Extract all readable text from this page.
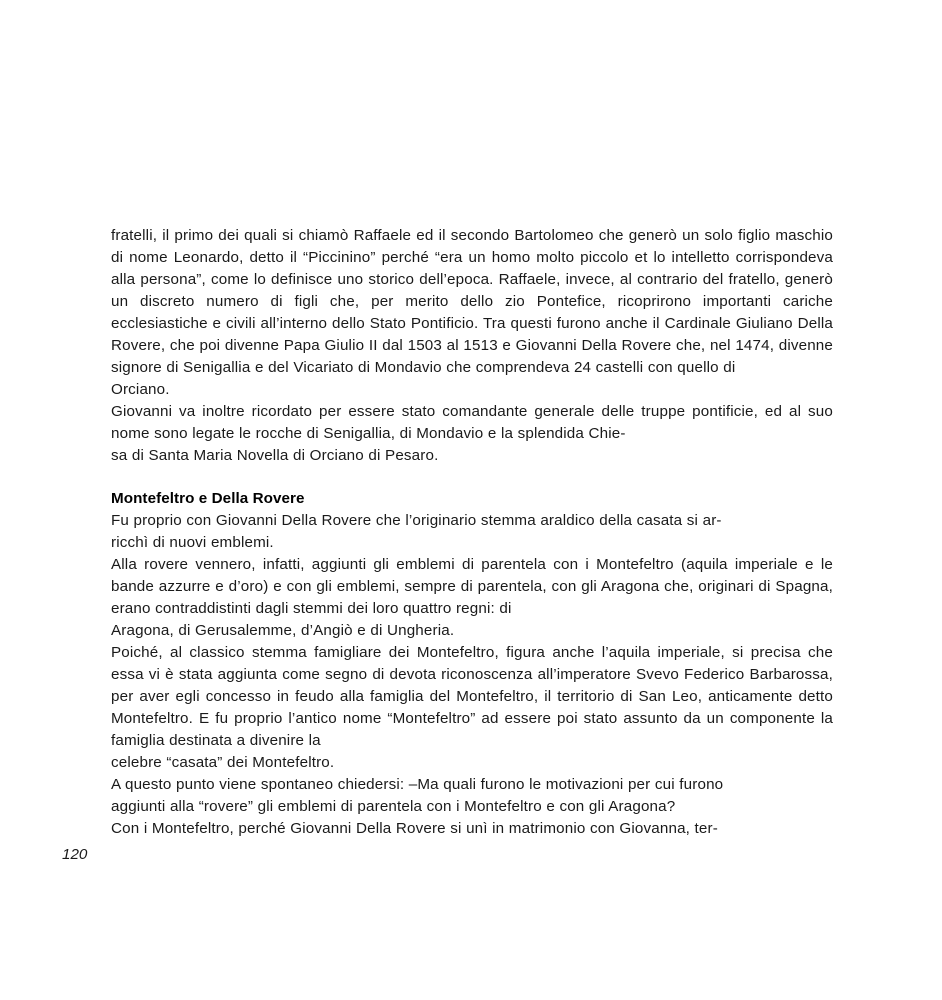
fratelli, il primo dei quali si chiamò Raffaele ed il secondo Bartolomeo che generò un solo figlio maschio di nome Leonardo, detto il “Piccinino” perché “era un homo molto piccolo et lo intelletto corrispondeva alla persona”, come lo definisce uno storico dell’epoca. Raffaele, invece, al contrario del fratello, generò un discreto numero di figli che, per merito dello zio Pontefice, ricoprirono importanti cariche ecclesiastiche e civili all’interno dello Stato Pontificio. Tra questi furono anche il Cardinale Giuliano Della Rovere, che poi divenne Papa Giulio II dal 1503 al 1513 e Giovanni Della Rovere che, nel 1474, divenne signore di Senigallia e del Vicariato di Mondavio che comprendeva 24 castelli con quello di
Orciano.

Giovanni va inoltre ricordato per essere stato comandante generale delle truppe pontificie, ed al suo nome sono legate le rocche di Senigallia, di Mondavio e la splendida Chie-
sa di Santa Maria Novella di Orciano di Pesaro.

Montefeltro e Della Rovere

Fu proprio con Giovanni Della Rovere che l’originario stemma araldico della casata si ar-
ricchì di nuovi emblemi.

Alla rovere vennero, infatti, aggiunti gli emblemi di parentela con i Montefeltro (aquila imperiale e le bande azzurre e d’oro) e con gli emblemi, sempre di parentela, con gli Aragona che, originari di Spagna, erano contraddistinti dagli stemmi dei loro quattro regni: di
Aragona, di Gerusalemme, d’Angiò e di Ungheria.

Poiché, al classico stemma famigliare dei Montefeltro, figura anche l’aquila imperiale, si precisa che essa vi è stata aggiunta come segno di devota riconoscenza all’imperatore Svevo Federico Barbarossa, per aver egli concesso in feudo alla famiglia del Montefeltro, il territorio di San Leo, anticamente detto Montefeltro. E fu proprio l’antico nome “Montefeltro” ad essere poi stato assunto da un componente la famiglia destinata a divenire la
celebre “casata” dei Montefeltro.

A questo punto viene spontaneo chiedersi: –Ma quali furono le motivazioni per cui furono
aggiunti alla “rovere” gli emblemi di parentela con i Montefeltro e con gli Aragona?

Con i Montefeltro, perché Giovanni Della Rovere si unì in matrimonio con Giovanna, ter-

120
